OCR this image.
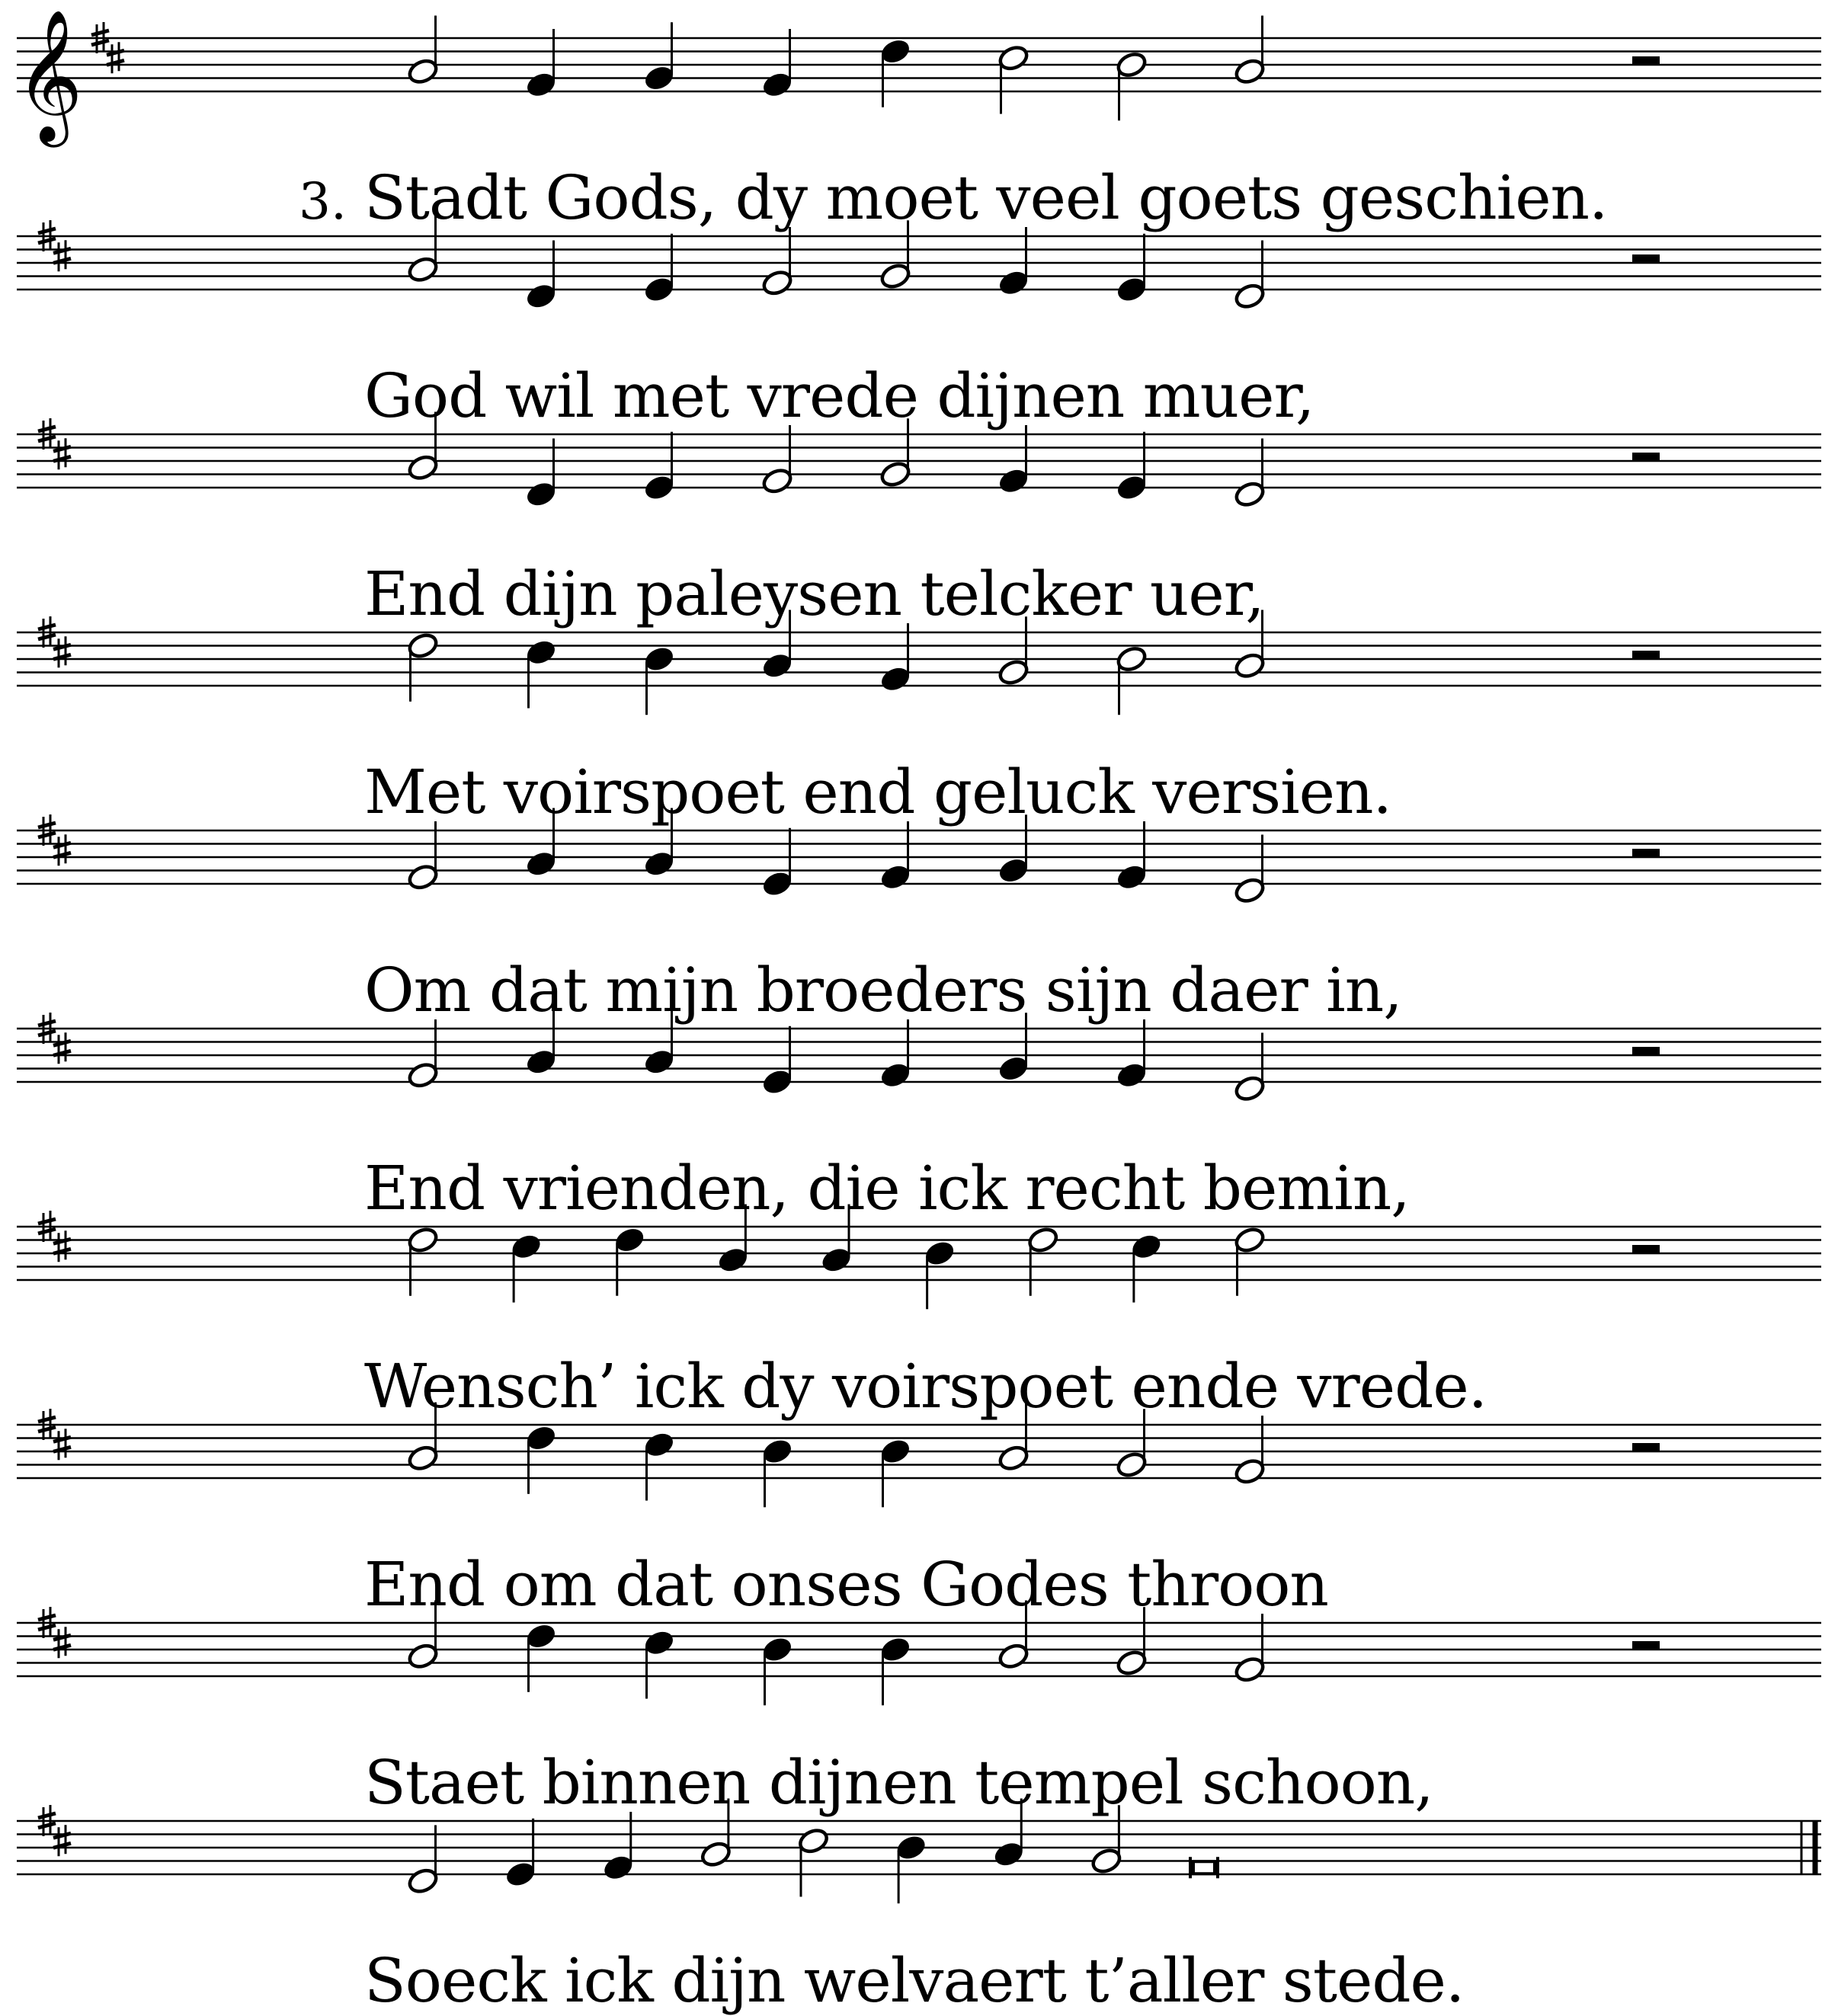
𝄞
Stadt Gods, dy moet veel goets geschien.
3.
God wil met vrede dijnen muer,
End dijn paleysen telcker uer,
Met voirspoet end geluck versien.
Om dat mijn broeders sijn daer in,
End vrienden, die ick recht bemin,
Wensch’ ick dy voirspoet ende vrede.
End om dat onses Godes throon
Staet binnen dijnen tempel schoon,
Soeck ick dijn welvaert t’aller stede.
